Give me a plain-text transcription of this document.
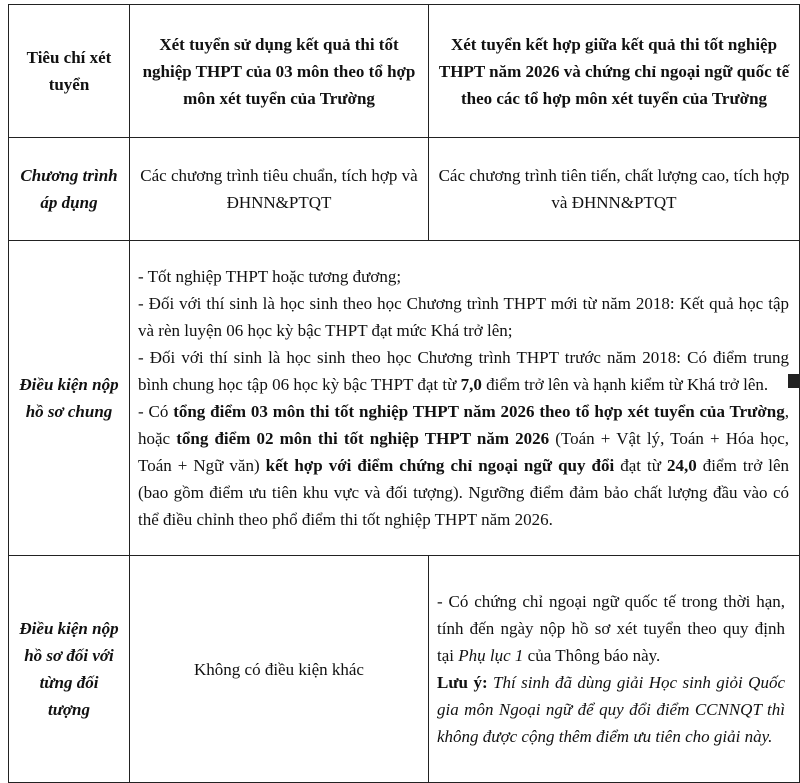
Tiêu chí xét tuyển	Xét tuyển sử dụng kết quả thi tốt nghiệp THPT của 03 môn theo tổ hợp môn xét tuyển của Trường	Xét tuyển kết hợp giữa kết quả thi tốt nghiệp THPT năm 2026 và chứng chỉ ngoại ngữ quốc tế theo các tổ hợp môn xét tuyển của Trường
Chương trình áp dụng	Các chương trình tiêu chuẩn, tích hợp và ĐHNN&PTQT	Các chương trình tiên tiến, chất lượng cao, tích hợp và ĐHNN&PTQT
Điều kiện nộp hồ sơ chung	- Tốt nghiệp THPT hoặc tương đương;
- Đối với thí sinh là học sinh theo học Chương trình THPT mới từ năm 2018: Kết quả học tập và rèn luyện 06 học kỳ bậc THPT đạt mức Khá trở lên;
- Đối với thí sinh là học sinh theo học Chương trình THPT trước năm 2018: Có điểm trung bình chung học tập 06 học kỳ bậc THPT đạt từ 7,0 điểm trở lên và hạnh kiểm từ Khá trở lên.
- Có tổng điểm 03 môn thi tốt nghiệp THPT năm 2026 theo tổ hợp xét tuyển của Trường, hoặc tổng điểm 02 môn thi tốt nghiệp THPT năm 2026 (Toán + Vật lý, Toán + Hóa học, Toán + Ngữ văn) kết hợp với điểm chứng chỉ ngoại ngữ quy đổi đạt từ 24,0 điểm trở lên (bao gồm điểm ưu tiên khu vực và đối tượng). Ngưỡng điểm đảm bảo chất lượng đầu vào có thể điều chỉnh theo phổ điểm thi tốt nghiệp THPT năm 2026.	

Điều kiện nộp hồ sơ đối với từng đối tượng	Không có điều kiện khác	- Có chứng chỉ ngoại ngữ quốc tế trong thời hạn, tính đến ngày nộp hồ sơ xét tuyển theo quy định tại Phụ lục 1 của Thông báo này.
Lưu ý: Thí sinh đã dùng giải Học sinh giỏi Quốc gia môn Ngoại ngữ để quy đổi điểm CCNNQT thì không được cộng thêm điểm ưu tiên cho giải này.
